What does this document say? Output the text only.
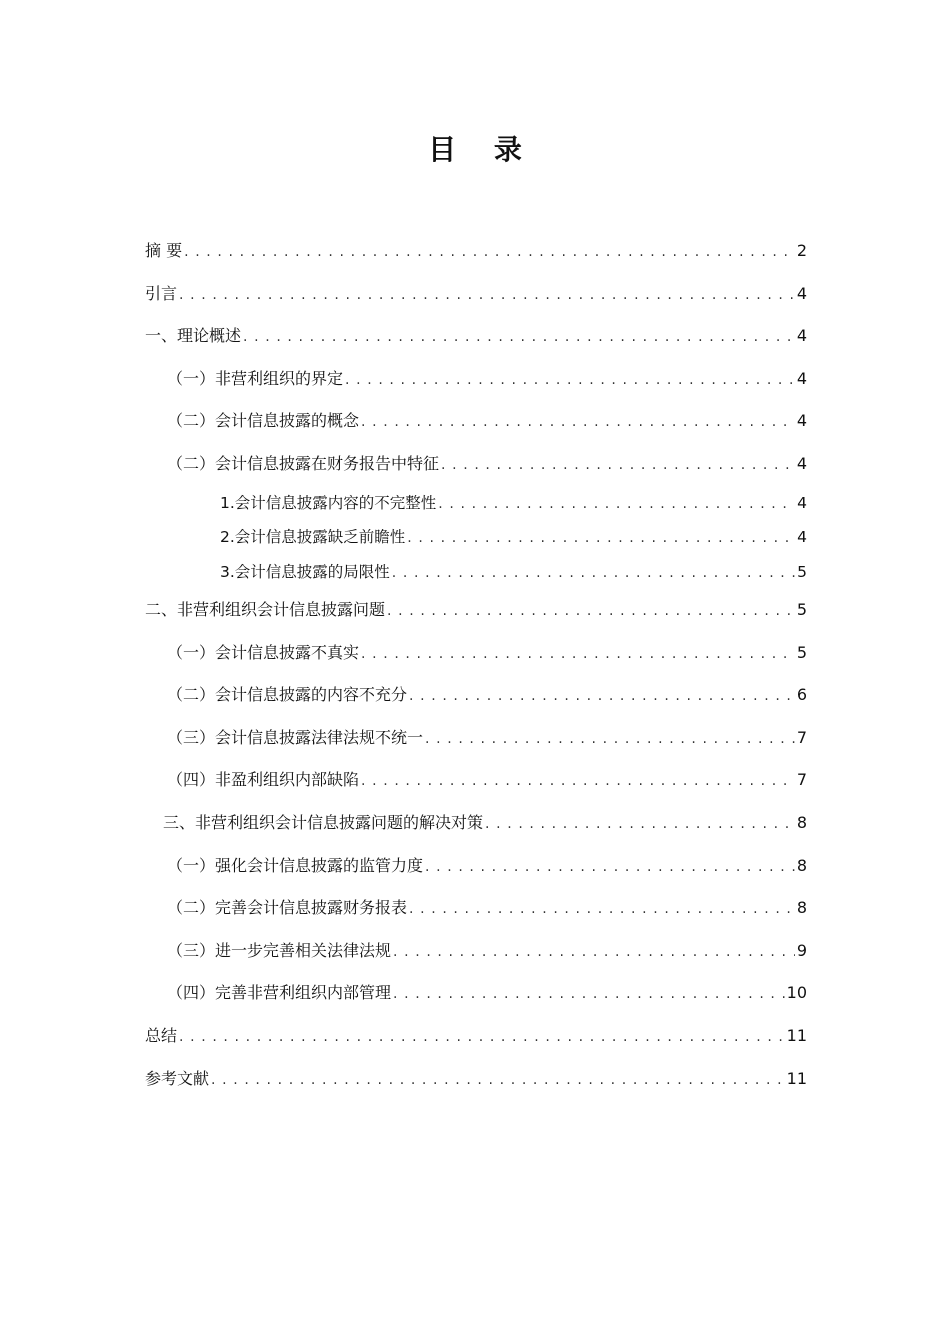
目 录
摘 要 . . .	2
引言 . . .	4
一、理论概述 . . .	4
（一）非营利组织的界定 . . .	4
（二）会计信息披露的概念 . . .	4
（二）会计信息披露在财务报告中特征 . . .	4
1.会计信息披露内容的不完整性 . . .	4
2.会计信息披露缺乏前瞻性 . . .	4
3.会计信息披露的局限性 . . .	5
二、非营利组织会计信息披露问题 . . .	5
（一）会计信息披露不真实 . . .	5
（二）会计信息披露的内容不充分 . . .	6
（三）会计信息披露法律法规不统一 . . .	7
（四）非盈利组织内部缺陷 . . .	7
三、非营利组织会计信息披露问题的解决对策 . . .	8
（一）强化会计信息披露的监管力度 . . .	8
（二）完善会计信息披露财务报表 . . .	8
（三）进一步完善相关法律法规 . . .	9
（四）完善非营利组织内部管理 . . .	10
总结 . . .	11
参考文献 . . .	11
